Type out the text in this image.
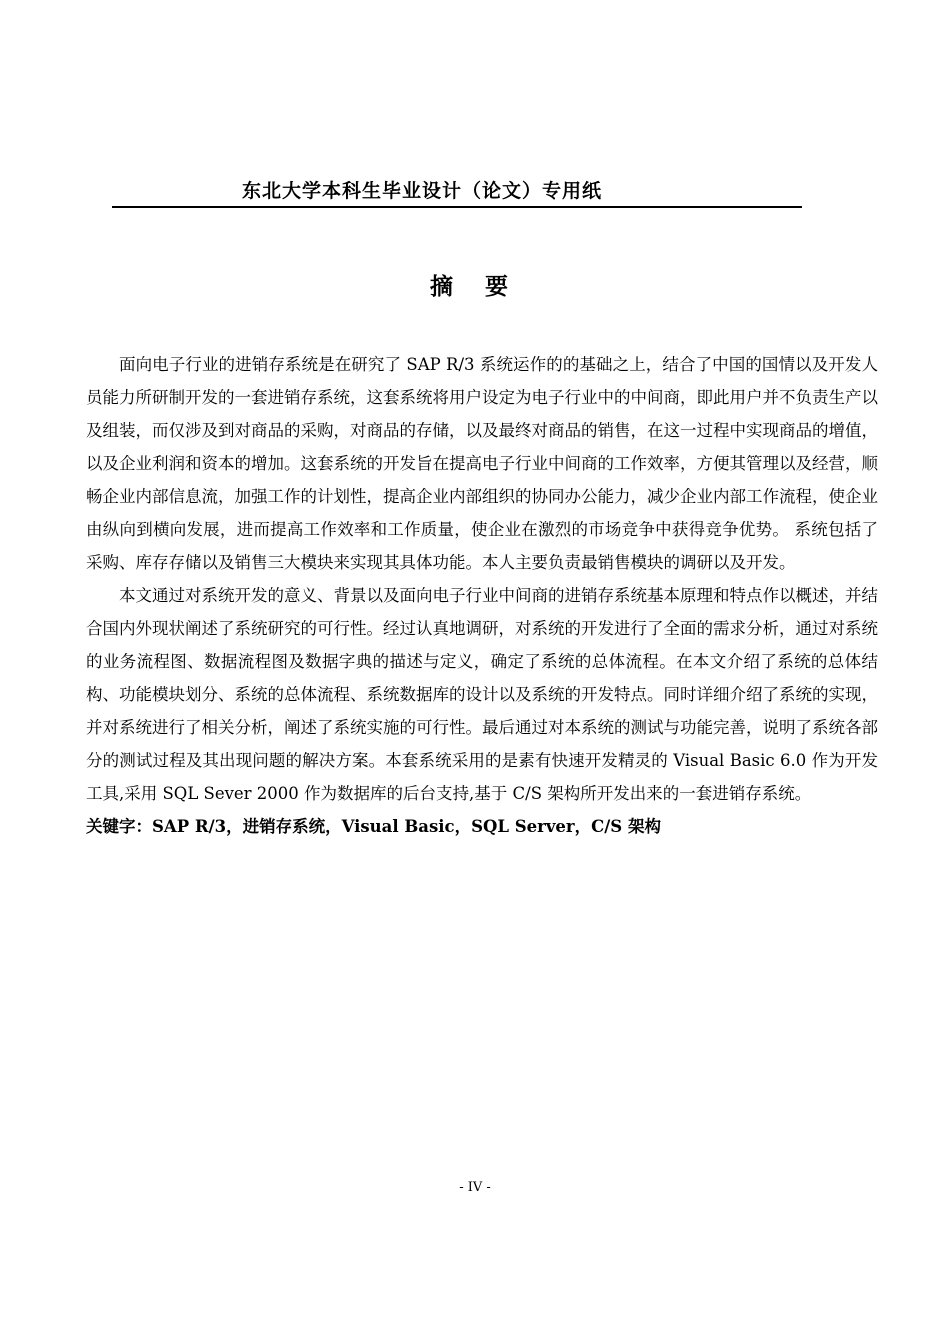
东北大学本科生毕业设计（论文）专用纸
摘 要

面向电子行业的进销存系统是在研究了 SAP R/3 系统运作的的基础之上，结合了中国的国情以及开发人员能力所研制开发的一套进销存系统，这套系统将用户设定为电子行业中的中间商，即此用户并不负责生产以及组装，而仅涉及到对商品的采购，对商品的存储，以及最终对商品的销售，在这一过程中实现商品的增值，以及企业利润和资本的增加。这套系统的开发旨在提高电子行业中间商的工作效率，方便其管理以及经营，顺畅企业内部信息流，加强工作的计划性，提高企业内部组织的协同办公能力，减少企业内部工作流程，使企业由纵向到横向发展，进而提高工作效率和工作质量，使企业在激烈的市场竞争中获得竞争优势。 系统包括了采购、库存存储以及销售三大模块来实现其具体功能。本人主要负责最销售模块的调研以及开发。

本文通过对系统开发的意义、背景以及面向电子行业中间商的进销存系统基本原理和特点作以概述，并结合国内外现状阐述了系统研究的可行性。经过认真地调研，对系统的开发进行了全面的需求分析，通过对系统的业务流程图、数据流程图及数据字典的描述与定义，确定了系统的总体流程。在本文介绍了系统的总体结构、功能模块划分、系统的总体流程、系统数据库的设计以及系统的开发特点。同时详细介绍了系统的实现，并对系统进行了相关分析，阐述了系统实施的可行性。最后通过对本系统的测试与功能完善，说明了系统各部分的测试过程及其出现问题的解决方案。本套系统采用的是素有快速开发精灵的 Visual Basic 6.0 作为开发工具,采用 SQL Sever 2000 作为数据库的后台支持,基于 C/S 架构所开发出来的一套进销存系统。

关键字：SAP R/3，进销存系统，Visual Basic，SQL Server，C/S 架构

- IV -
